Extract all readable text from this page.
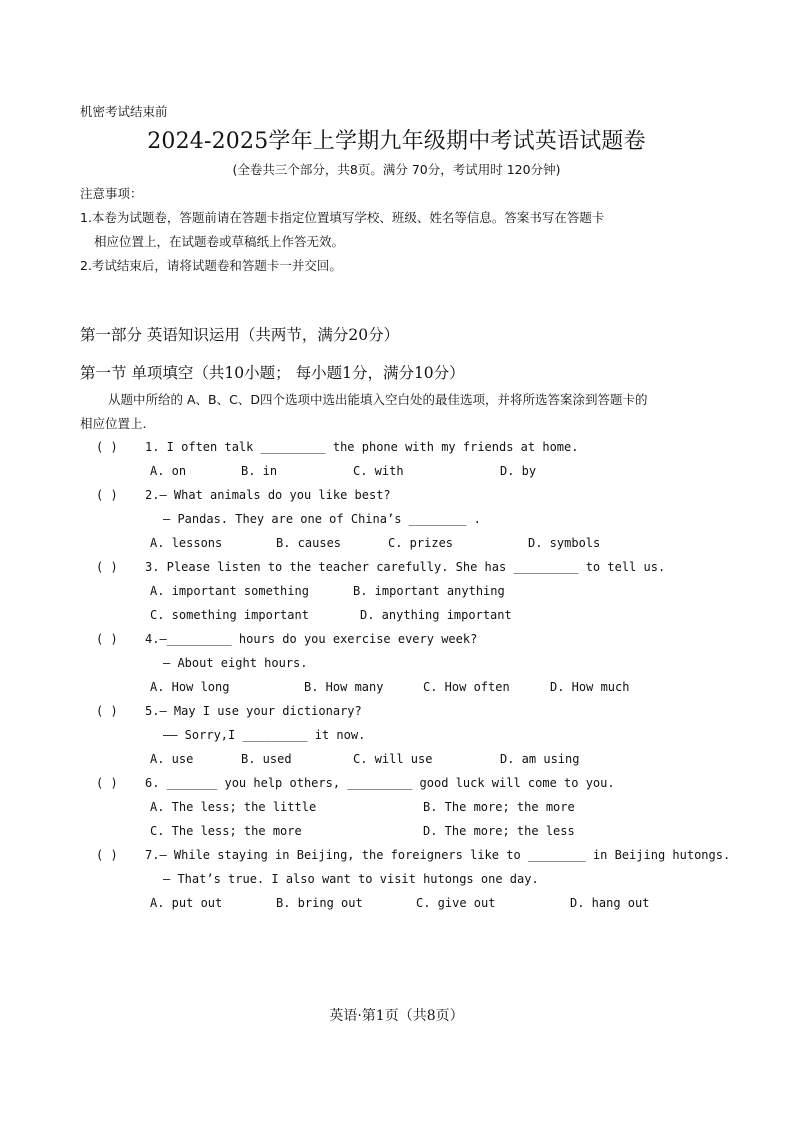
机密考试结束前
2024-2025学年上学期九年级期中考试英语试题卷
(全卷共三个部分，共8页。满分 70分，考试用时 120分钟)
注意事项：
1.本卷为试题卷，答题前请在答题卡指定位置填写学校、班级、姓名等信息。答案书写在答题卡
相应位置上，在试题卷或草稿纸上作答无效。
2.考试结束后，请将试题卷和答题卡一并交回。
第一部分 英语知识运用（共两节，满分20分）
第一节 单项填空（共10小题； 每小题1分，满分10分）
从题中所给的 A、B、C、D四个选项中选出能填入空白处的最佳选项，并将所选答案涂到答题卡的
相应位置上.
( ) 1. I often talk _________ the phone with my friends at home.
A. on	B. in	C. with	D. by
( ) 2.— What animals do you like best?
— Pandas. They are one of China’s ________ .
A. lessons	B. causes	C. prizes	D. symbols
( ) 3. Please listen to the teacher carefully. She has _________ to tell us.
A. important something	B. important anything
C. something important	D. anything important
( ) 4.—_________ hours do you exercise every week?
— About eight hours.
A. How long	B. How many	C. How often	D. How much
( ) 5.— May I use your dictionary?
—— Sorry,I _________ it now.
A. use	B. used	C. will use	D. am using
( ) 6. _______ you help others, _________ good luck will come to you.
A. The less; the little	B. The more; the more
C. The less; the more	D. The more; the less
( ) 7.— While staying in Beijing, the foreigners like to ________ in Beijing hutongs.
— That’s true. I also want to visit hutongs one day.
A. put out	B. bring out	C. give out	D. hang out
英语·第1页（共8页）
